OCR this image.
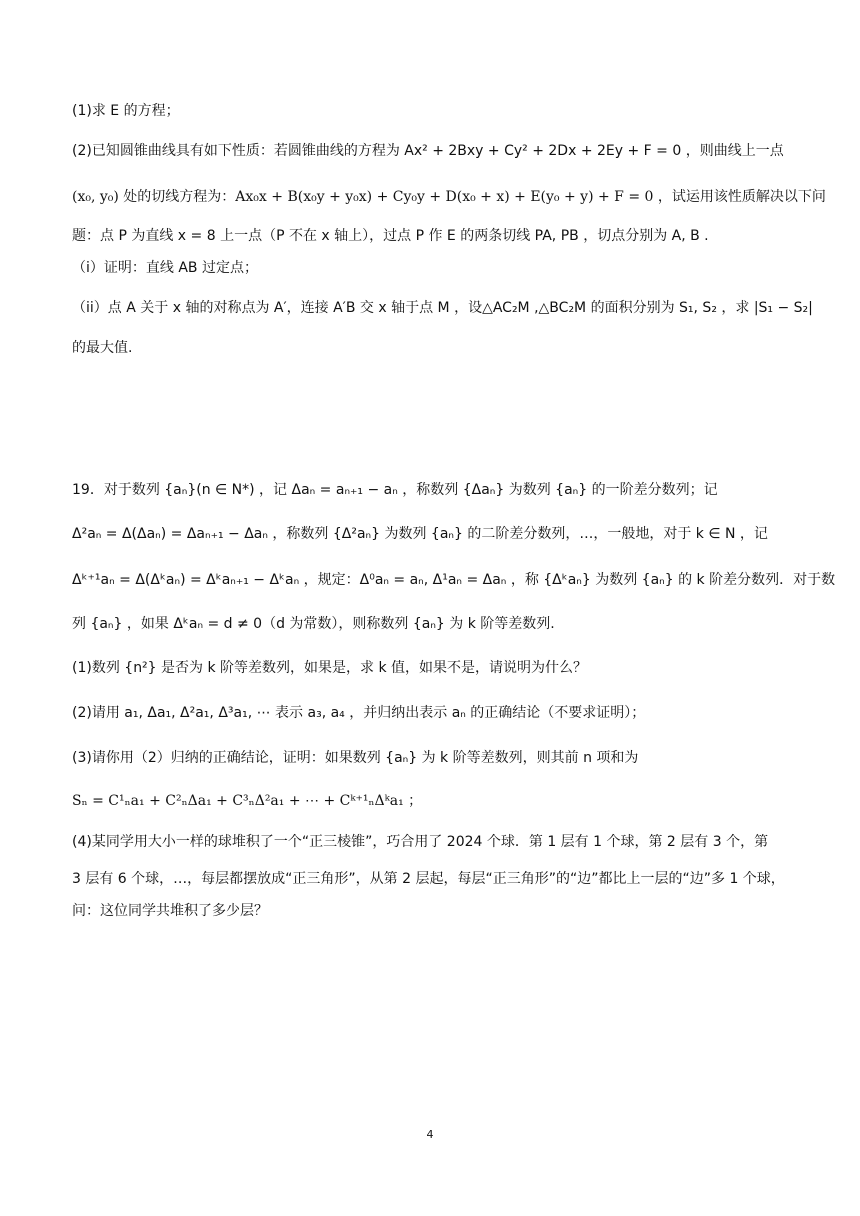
(1)求 E 的方程；
(2)已知圆锥曲线具有如下性质：若圆锥曲线的方程为 Ax² + 2Bxy + Cy² + 2Dx + 2Ey + F = 0 ，则曲线上一点
(x₀, y₀) 处的切线方程为：Ax₀x + B(x₀y + y₀x) + Cy₀y + D(x₀ + x) + E(y₀ + y) + F = 0 ，试运用该性质解决以下问
题：点 P 为直线 x = 8 上一点（P 不在 x 轴上），过点 P 作 E 的两条切线 PA, PB ，切点分别为 A, B .
（i）证明：直线 AB 过定点；
（ii）点 A 关于 x 轴的对称点为 A′，连接 A′B 交 x 轴于点 M ，设△AC₂M ,△BC₂M 的面积分别为 S₁, S₂ ，求 |S₁ − S₂|
的最大值.
19．对于数列 {aₙ}(n ∈ N*) ，记 Δaₙ = aₙ₊₁ − aₙ ，称数列 {Δaₙ} 为数列 {aₙ} 的一阶差分数列；记
Δ²aₙ = Δ(Δaₙ) = Δaₙ₊₁ − Δaₙ ，称数列 {Δ²aₙ} 为数列 {aₙ} 的二阶差分数列，…，一般地，对于 k ∈ N ，记
Δᵏ⁺¹aₙ = Δ(Δᵏaₙ) = Δᵏaₙ₊₁ − Δᵏaₙ ，规定：Δ⁰aₙ = aₙ, Δ¹aₙ = Δaₙ ，称 {Δᵏaₙ} 为数列 {aₙ} 的 k 阶差分数列．对于数
列 {aₙ} ，如果 Δᵏaₙ = d ≠ 0（d 为常数），则称数列 {aₙ} 为 k 阶等差数列.
(1)数列 {n²} 是否为 k 阶等差数列，如果是，求 k 值，如果不是，请说明为什么？
(2)请用 a₁, Δa₁, Δ²a₁, Δ³a₁, ⋯ 表示 a₃, a₄ ，并归纳出表示 aₙ 的正确结论（不要求证明）；
(3)请你用（2）归纳的正确结论，证明：如果数列 {aₙ} 为 k 阶等差数列，则其前 n 项和为
Sₙ = C¹ₙa₁ + C²ₙΔa₁ + C³ₙΔ²a₁ + ⋯ + Cᵏ⁺¹ₙΔᵏa₁ ；
(4)某同学用大小一样的球堆积了一个“正三棱锥”，巧合用了 2024 个球．第 1 层有 1 个球，第 2 层有 3 个，第
3 层有 6 个球，…，每层都摆放成“正三角形”，从第 2 层起，每层“正三角形”的“边”都比上一层的“边”多 1 个球，
问：这位同学共堆积了多少层？
4
